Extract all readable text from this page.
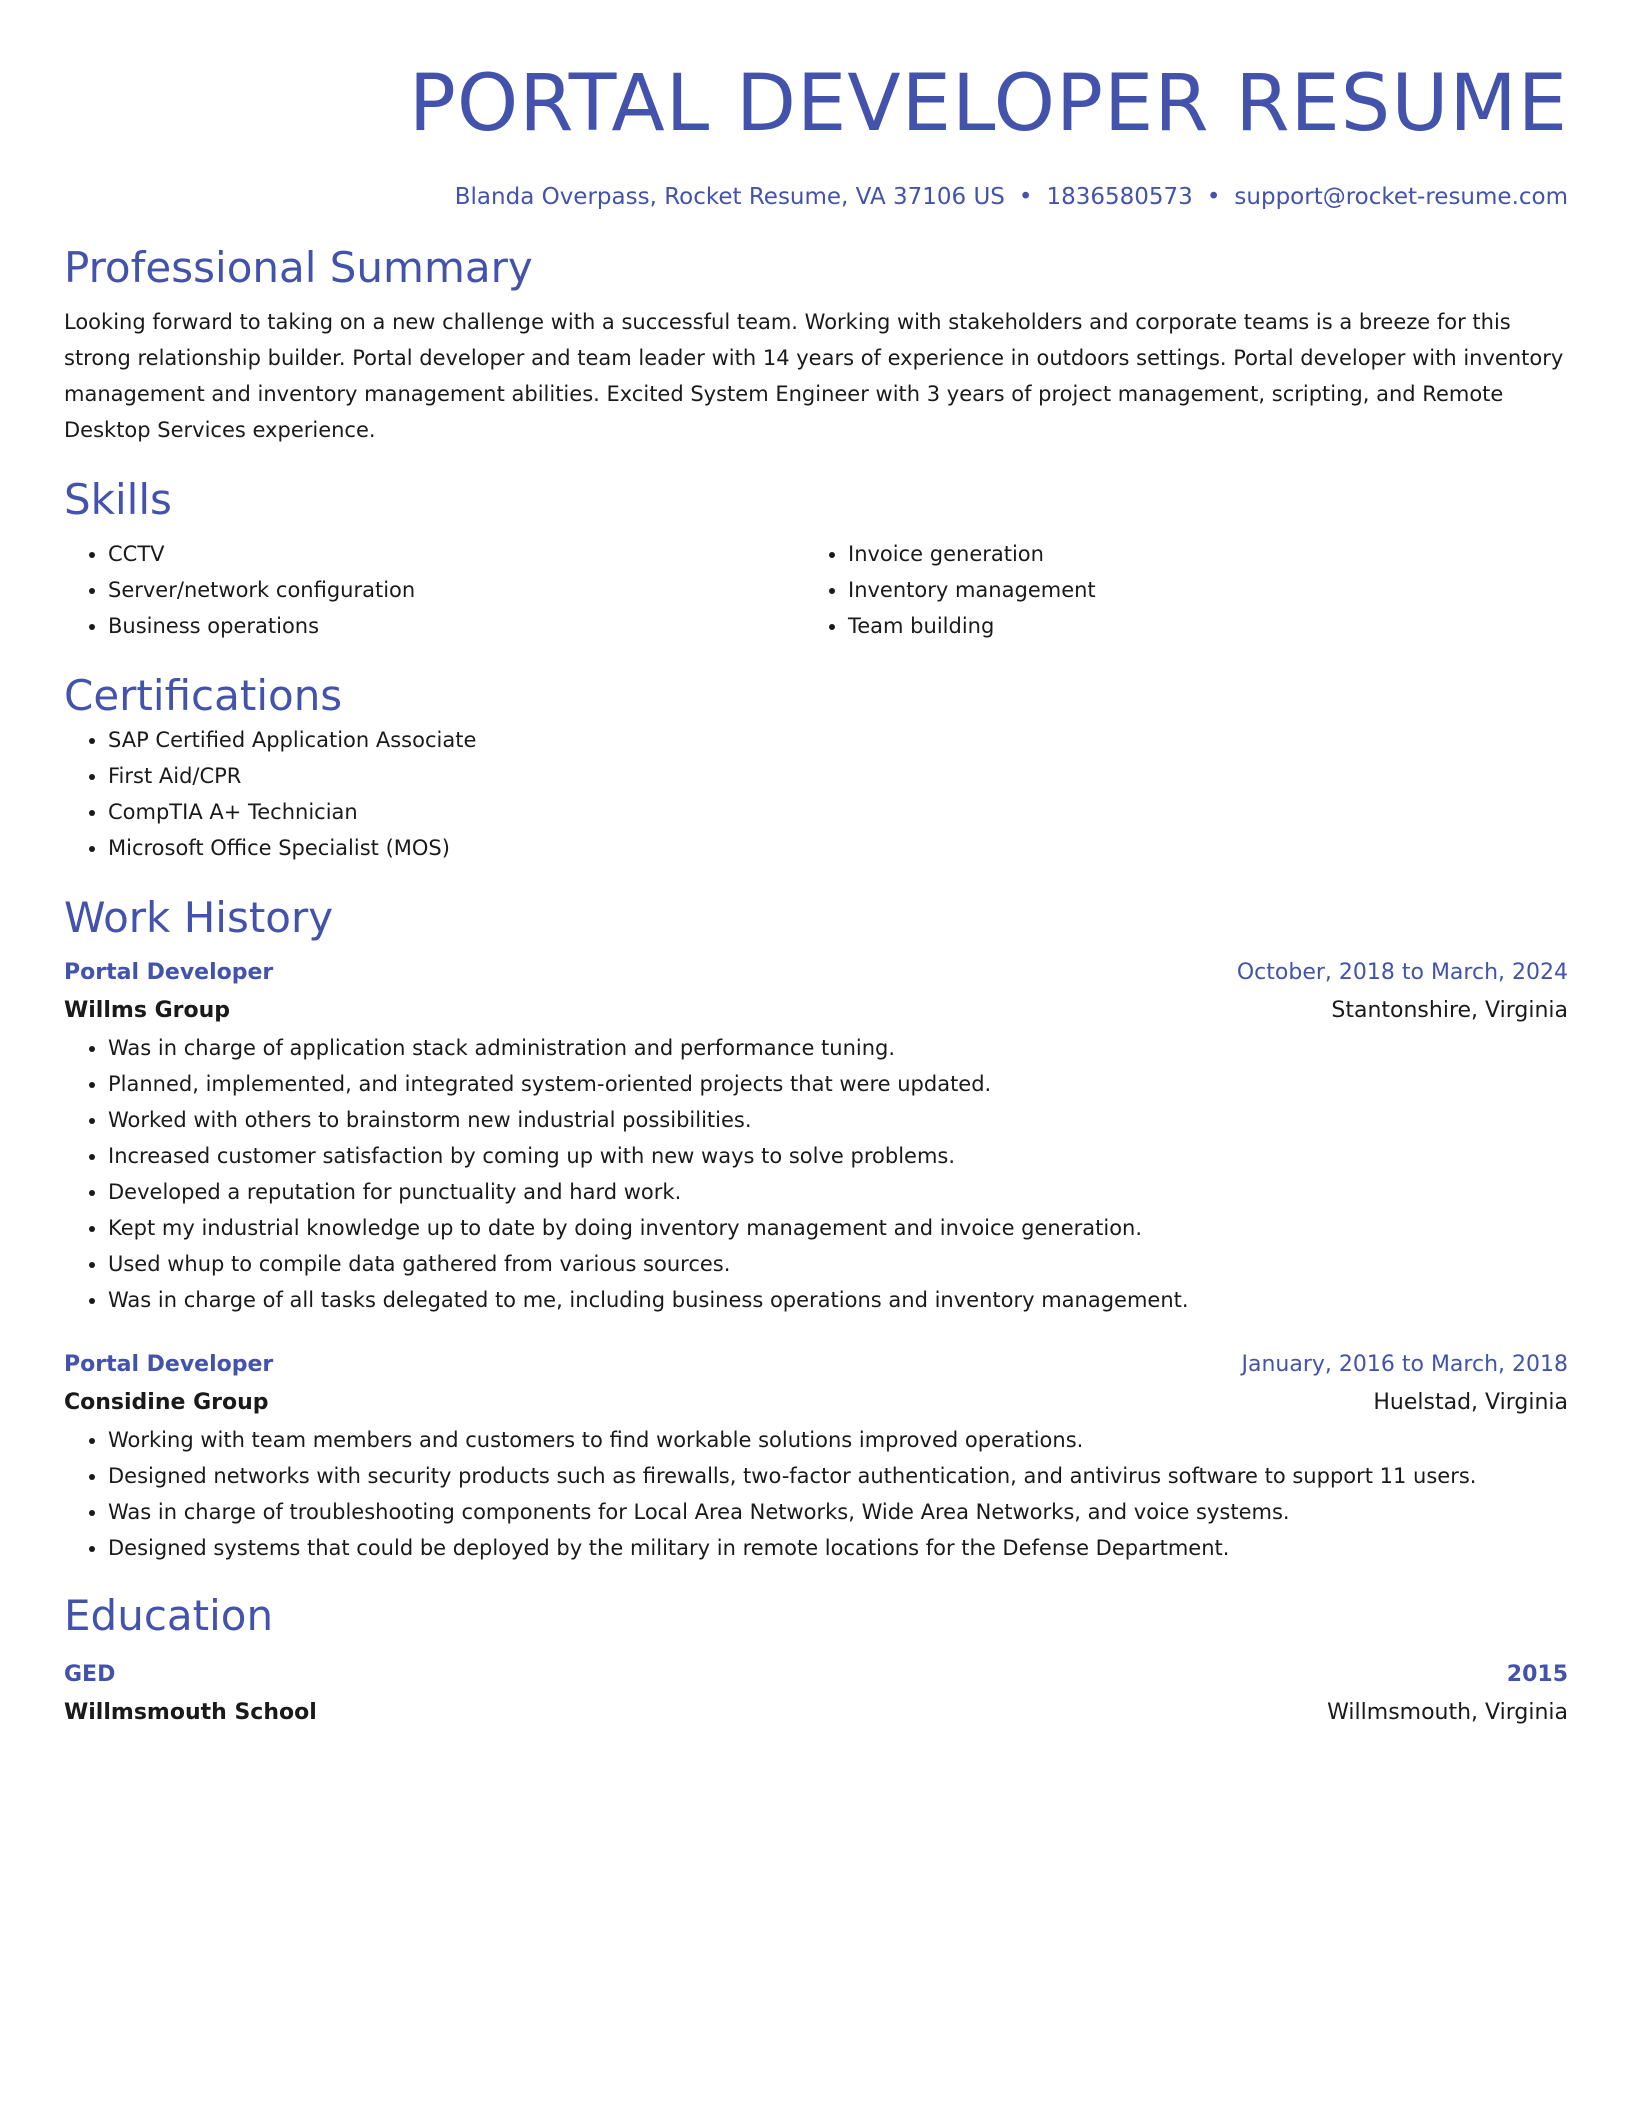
PORTAL DEVELOPER RESUME
Blanda Overpass, Rocket Resume, VA 37106 US • 1836580573 • support@rocket-resume.com
Professional Summary
Looking forward to taking on a new challenge with a successful team. Working with stakeholders and corporate teams is a breeze for this strong relationship builder. Portal developer and team leader with 14 years of experience in outdoors settings. Portal developer with inventory management and inventory management abilities. Excited System Engineer with 3 years of project management, scripting, and Remote Desktop Services experience.
Skills
• CCTV
• Server/network configuration
• Business operations
• Invoice generation
• Inventory management
• Team building
Certifications
• SAP Certified Application Associate
• First Aid/CPR
• CompTIA A+ Technician
• Microsoft Office Specialist (MOS)
Work History
Portal Developer	October, 2018 to March, 2024
Willms Group	Stantonshire, Virginia
• Was in charge of application stack administration and performance tuning.
• Planned, implemented, and integrated system-oriented projects that were updated.
• Worked with others to brainstorm new industrial possibilities.
• Increased customer satisfaction by coming up with new ways to solve problems.
• Developed a reputation for punctuality and hard work.
• Kept my industrial knowledge up to date by doing inventory management and invoice generation.
• Used whup to compile data gathered from various sources.
• Was in charge of all tasks delegated to me, including business operations and inventory management.
Portal Developer	January, 2016 to March, 2018
Considine Group	Huelstad, Virginia
• Working with team members and customers to find workable solutions improved operations.
• Designed networks with security products such as firewalls, two-factor authentication, and antivirus software to support 11 users.
• Was in charge of troubleshooting components for Local Area Networks, Wide Area Networks, and voice systems.
• Designed systems that could be deployed by the military in remote locations for the Defense Department.
Education
GED	2015
Willmsmouth School	Willmsmouth, Virginia
